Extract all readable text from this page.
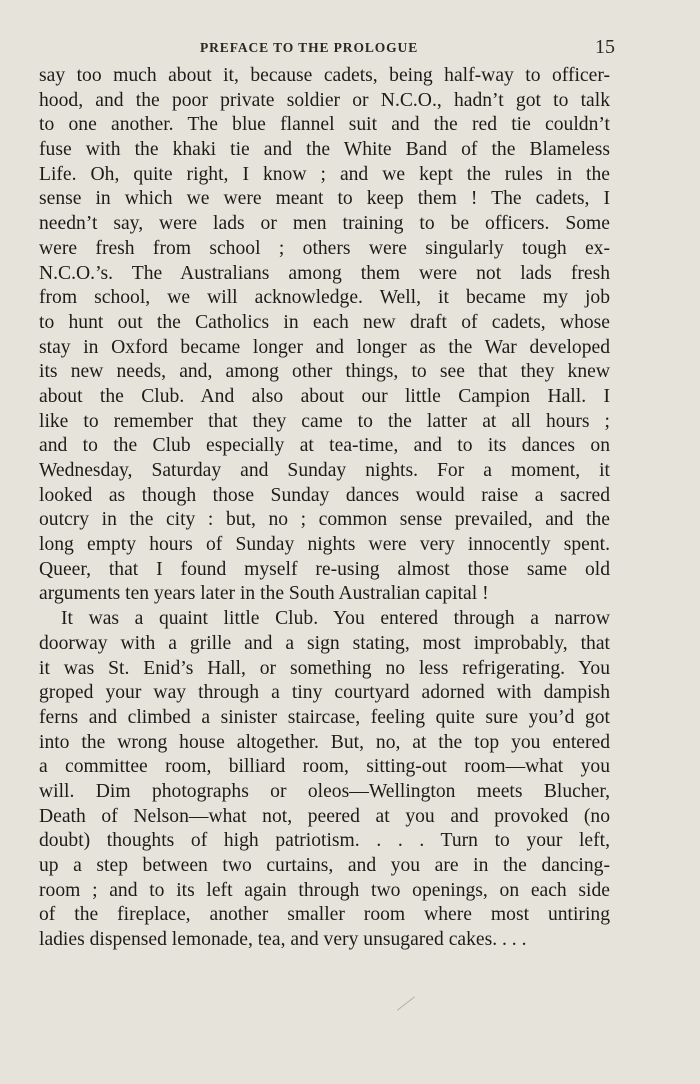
PREFACE TO THE PROLOGUE	15
say too much about it, because cadets, being half-way to officer-
hood, and the poor private soldier or N.C.O., hadn’t got to talk
to one another. The blue flannel suit and the red tie couldn’t
fuse with the khaki tie and the White Band of the Blameless
Life. Oh, quite right, I know ; and we kept the rules in the
sense in which we were meant to keep them ! The cadets, I
needn’t say, were lads or men training to be officers. Some
were fresh from school ; others were singularly tough ex-
N.C.O.’s. The Australians among them were not lads fresh
from school, we will acknowledge. Well, it became my job
to hunt out the Catholics in each new draft of cadets, whose
stay in Oxford became longer and longer as the War developed
its new needs, and, among other things, to see that they knew
about the Club. And also about our little Campion Hall. I
like to remember that they came to the latter at all hours ;
and to the Club especially at tea-time, and to its dances on
Wednesday, Saturday and Sunday nights. For a moment, it
looked as though those Sunday dances would raise a sacred
outcry in the city : but, no ; common sense prevailed, and the
long empty hours of Sunday nights were very innocently spent.
Queer, that I found myself re-using almost those same old
arguments ten years later in the South Australian capital !
It was a quaint little Club. You entered through a narrow
doorway with a grille and a sign stating, most improbably, that
it was St. Enid’s Hall, or something no less refrigerating. You
groped your way through a tiny courtyard adorned with dampish
ferns and climbed a sinister staircase, feeling quite sure you’d got
into the wrong house altogether. But, no, at the top you entered
a committee room, billiard room, sitting-out room—what you
will. Dim photographs or oleos—Wellington meets Blucher,
Death of Nelson—what not, peered at you and provoked (no
doubt) thoughts of high patriotism. . . . Turn to your left,
up a step between two curtains, and you are in the dancing-
room ; and to its left again through two openings, on each side
of the fireplace, another smaller room where most untiring
ladies dispensed lemonade, tea, and very unsugared cakes. . . .
